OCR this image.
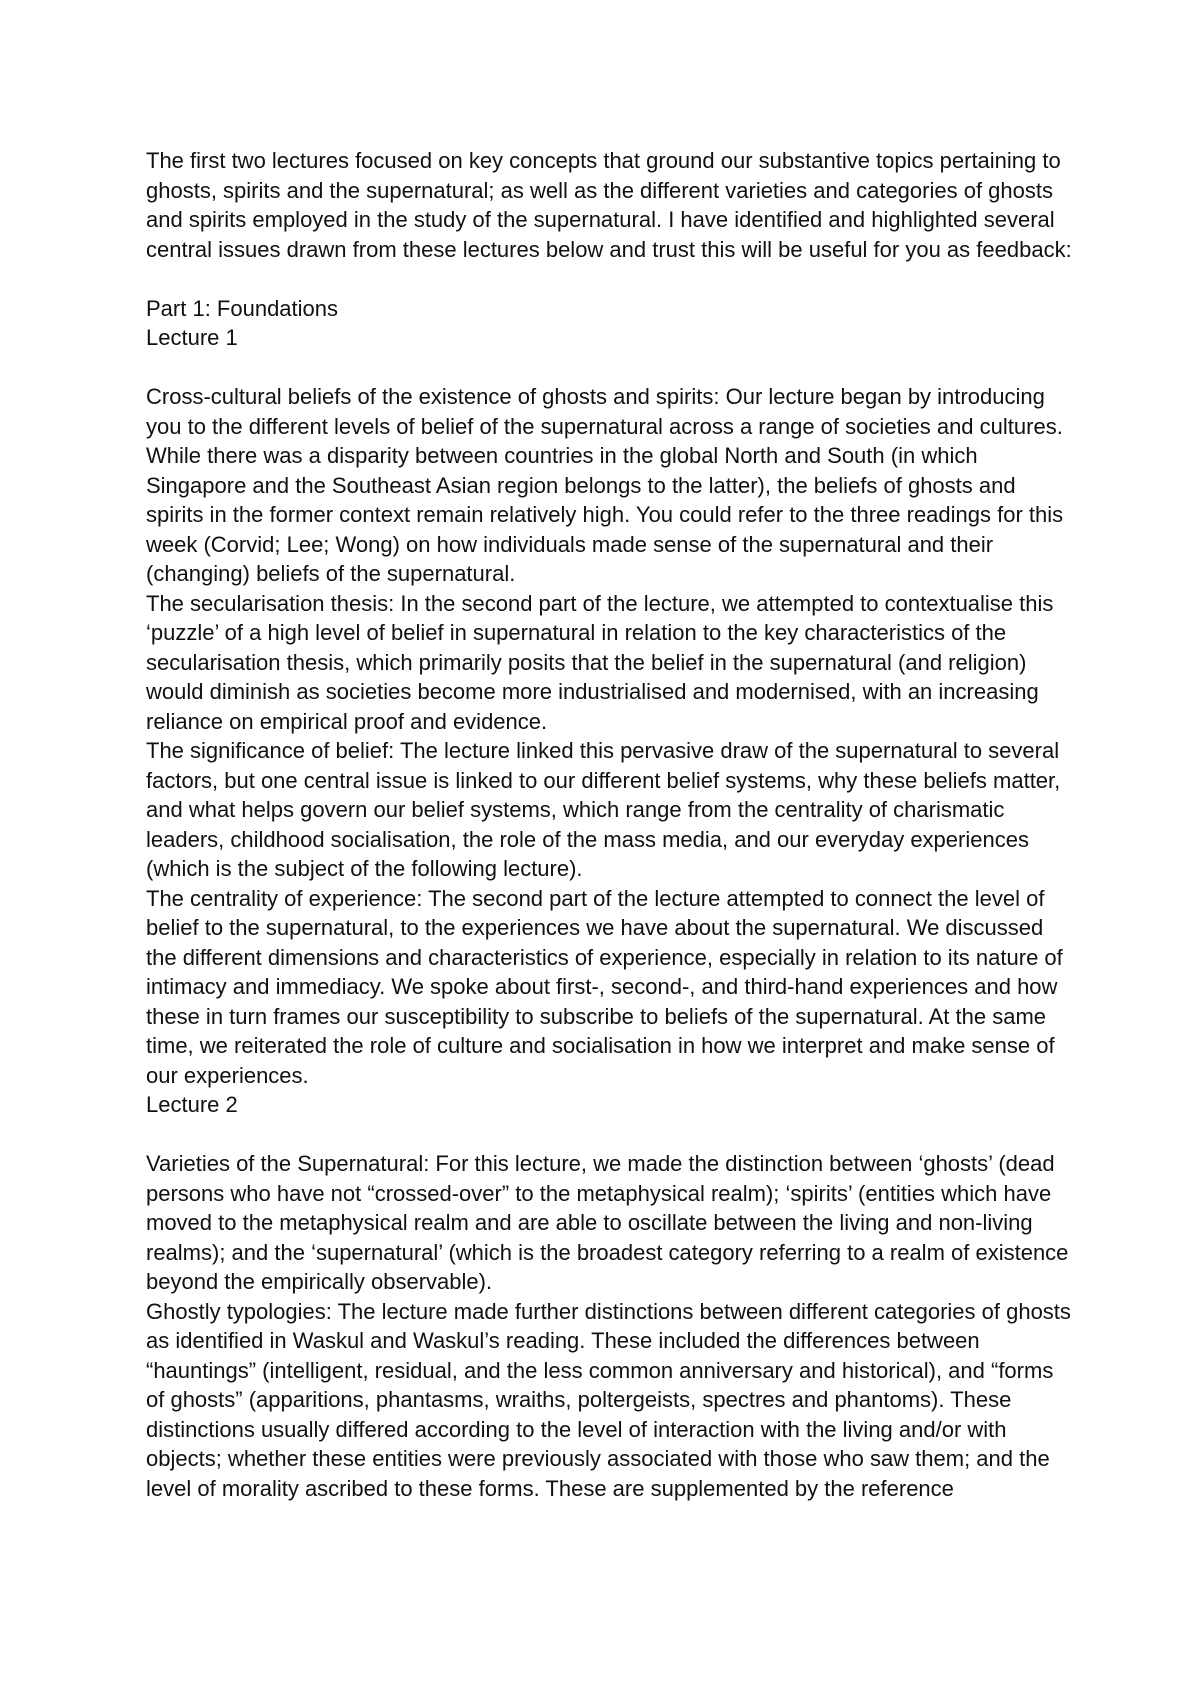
The first two lectures focused on key concepts that ground our substantive topics pertaining to ghosts, spirits and the supernatural; as well as the different varieties and categories of ghosts and spirits employed in the study of the supernatural. I have identified and highlighted several central issues drawn from these lectures below and trust this will be useful for you as feedback:

Part 1: Foundations

Lecture 1

Cross-cultural beliefs of the existence of ghosts and spirits: Our lecture began by introducing you to the different levels of belief of the supernatural across a range of societies and cultures. While there was a disparity between countries in the global North and South (in which Singapore and the Southeast Asian region belongs to the latter), the beliefs of ghosts and spirits in the former context remain relatively high. You could refer to the three readings for this week (Corvid; Lee; Wong) on how individuals made sense of the supernatural and their (changing) beliefs of the supernatural.

The secularisation thesis: In the second part of the lecture, we attempted to contextualise this ‘puzzle’ of a high level of belief in supernatural in relation to the key characteristics of the secularisation thesis, which primarily posits that the belief in the supernatural (and religion) would diminish as societies become more industrialised and modernised, with an increasing reliance on empirical proof and evidence.

The significance of belief: The lecture linked this pervasive draw of the supernatural to several factors, but one central issue is linked to our different belief systems, why these beliefs matter, and what helps govern our belief systems, which range from the centrality of charismatic leaders, childhood socialisation, the role of the mass media, and our everyday experiences (which is the subject of the following lecture).

The centrality of experience: The second part of the lecture attempted to connect the level of belief to the supernatural, to the experiences we have about the supernatural. We discussed the different dimensions and characteristics of experience, especially in relation to its nature of intimacy and immediacy. We spoke about first-, second-, and third-hand experiences and how these in turn frames our susceptibility to subscribe to beliefs of the supernatural. At the same time, we reiterated the role of culture and socialisation in how we interpret and make sense of our experiences.

Lecture 2

Varieties of the Supernatural: For this lecture, we made the distinction between ‘ghosts’ (dead persons who have not “crossed-over” to the metaphysical realm); ‘spirits’ (entities which have moved to the metaphysical realm and are able to oscillate between the living and non-living realms); and the ‘supernatural’ (which is the broadest category referring to a realm of existence beyond the empirically observable).

Ghostly typologies: The lecture made further distinctions between different categories of ghosts as identified in Waskul and Waskul’s reading. These included the differences between “hauntings” (intelligent, residual, and the less common anniversary and historical), and “forms of ghosts” (apparitions, phantasms, wraiths, poltergeists, spectres and phantoms). These distinctions usually differed according to the level of interaction with the living and/or with objects; whether these entities were previously associated with those who saw them; and the level of morality ascribed to these forms. These are supplemented by the reference
